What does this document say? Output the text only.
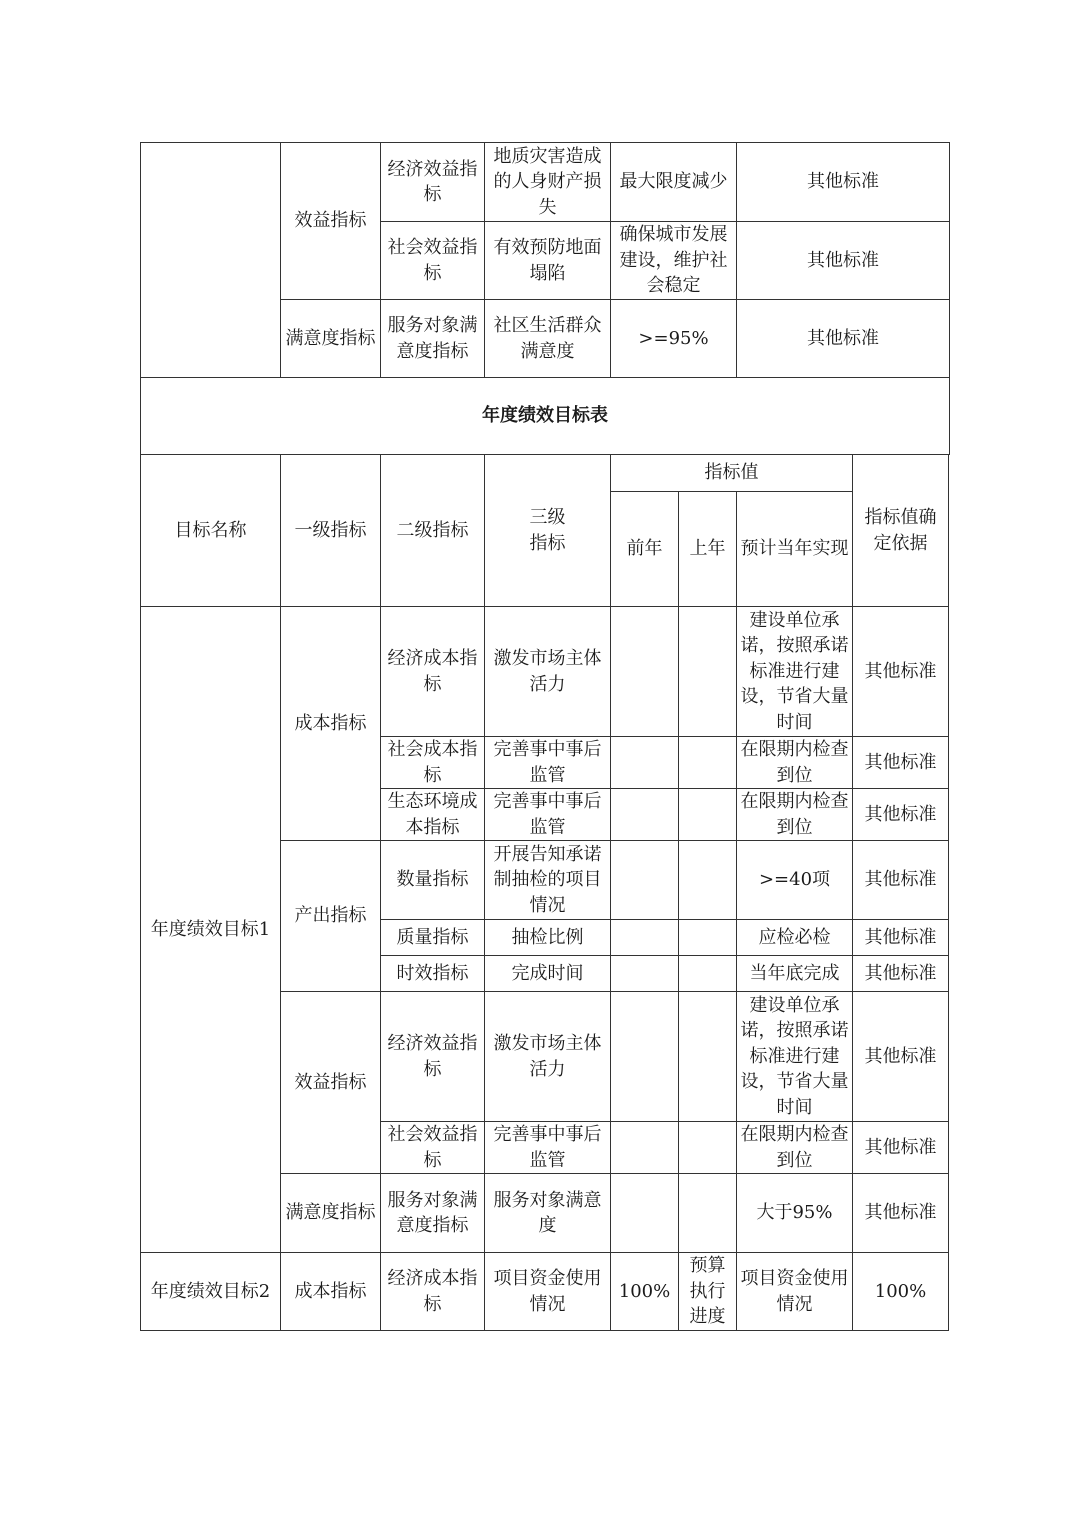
	效益指标	经济效益指标	地质灾害造成的人身财产损失	最大限度减少	其他标准
		社会效益指标	有效预防地面塌陷	确保城市发展建设，维护社会稳定	其他标准
	满意度指标	服务对象满意度指标	社区生活群众满意度	>=95%	其他标准
年度绩效目标表					
目标名称	一级指标	二级指标	三级指标	指标值			指标值确定依据
				前年	上年	预计当年实现	
年度绩效目标1	成本指标	经济成本指标	激发市场主体活力			建设单位承诺，按照承诺标准进行建设，节省大量时间	其他标准
		社会成本指标	完善事中事后监管			在限期内检查到位	其他标准
		生态环境成本指标	完善事中事后监管			在限期内检查到位	其他标准
	产出指标	数量指标	开展告知承诺制抽检的项目情况			>=40项	其他标准
		质量指标	抽检比例			应检必检	其他标准
		时效指标	完成时间			当年底完成	其他标准
	效益指标	经济效益指标	激发市场主体活力			建设单位承诺，按照承诺标准进行建设，节省大量时间	其他标准
		社会效益指标	完善事中事后监管			在限期内检查到位	其他标准
	满意度指标	服务对象满意度指标	服务对象满意度			大于95%	其他标准
年度绩效目标2	成本指标	经济成本指标	项目资金使用情况	100%	预算执行进度	项目资金使用情况	100%
